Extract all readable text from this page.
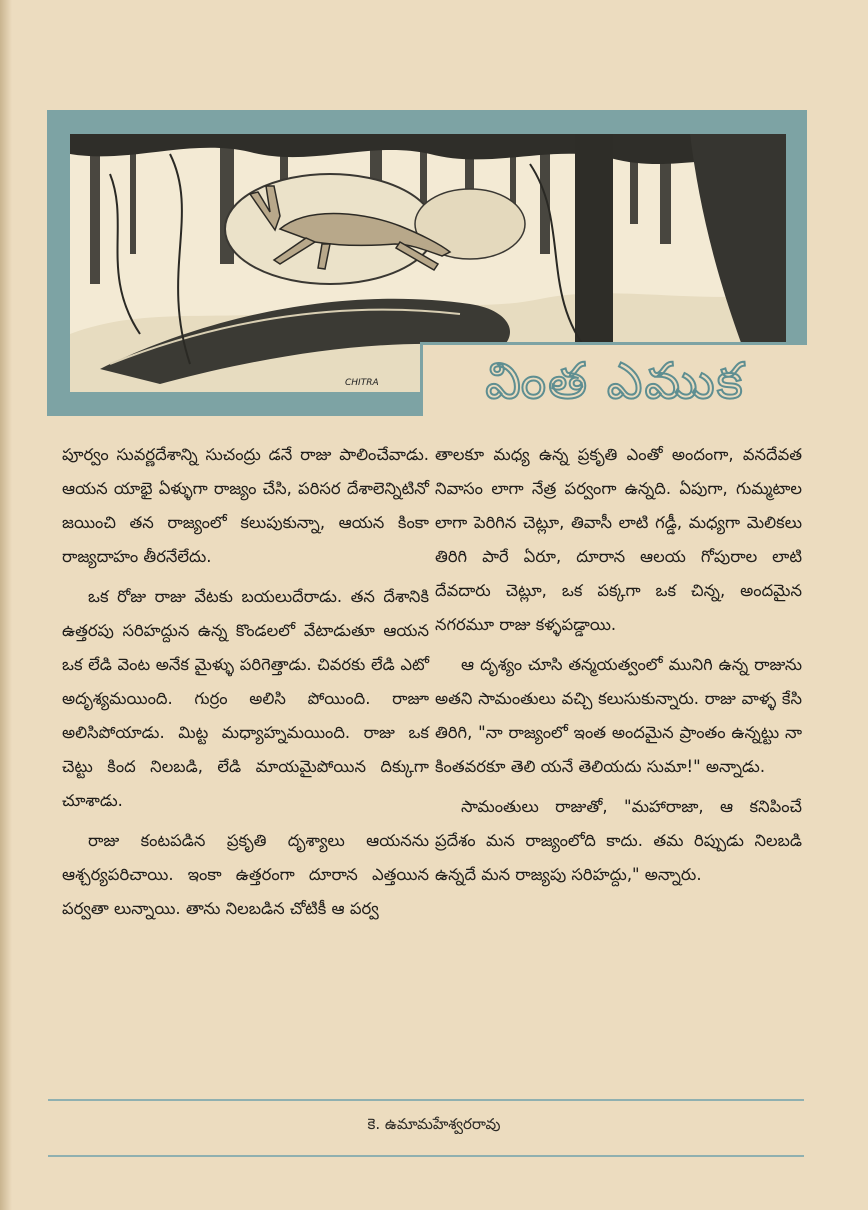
CHITRA	వింత ఎముక

పూర్వం సువర్ణదేశాన్ని సుచంద్రు డనే రాజు పాలించేవాడు. ఆయన యాభై ఏళ్ళుగా రాజ్యం చేసి, పరిసర దేశాలెన్నిటినో జయించి తన రాజ్యంలో కలుపుకున్నా, ఆయన కింకా రాజ్యదాహం తీరనేలేదు.

ఒక రోజు రాజు వేటకు బయలుదేరాడు. తన దేశానికి ఉత్తరపు సరిహద్దున ఉన్న కొండలలో వేటాడుతూ ఆయన ఒక లేడి వెంట అనేక మైళ్ళు పరిగెత్తాడు. చివరకు లేడి ఎటో అదృశ్యమయింది. గుర్రం అలిసి పోయింది. రాజూ అలిసిపోయాడు. మిట్ట మధ్యాహ్నమయింది. రాజు ఒక చెట్టు కింద నిలబడి, లేడి మాయమైపోయిన దిక్కుగా చూశాడు.

రాజు కంటపడిన ప్రకృతి దృశ్యాలు ఆయనను ఆశ్చర్యపరిచాయి. ఇంకా ఉత్తరంగా దూరాన ఎత్తయిన పర్వతా లున్నాయి. తాను నిలబడిన చోటికీ ఆ పర్వ

తాలకూ మధ్య ఉన్న ప్రకృతి ఎంతో అందంగా, వనదేవత నివాసం లాగా నేత్ర పర్వంగా ఉన్నది. ఏపుగా, గుమ్మటాల లాగా పెరిగిన చెట్లూ, తివాసీ లాటి గడ్డీ, మధ్యగా మెలికలు తిరిగి పారే ఏరూ, దూరాన ఆలయ గోపురాల లాటి దేవదారు చెట్లూ, ఒక పక్కగా ఒక చిన్న, అందమైన నగరమూ రాజు కళ్ళపడ్డాయి.

ఆ దృశ్యం చూసి తన్మయత్వంలో మునిగి ఉన్న రాజును అతని సామంతులు వచ్చి కలుసుకున్నారు. రాజు వాళ్ళ కేసి తిరిగి, "నా రాజ్యంలో ఇంత అందమైన ప్రాంతం ఉన్నట్టు నా కింతవరకూ తెలి యనే తెలియదు సుమా!" అన్నాడు.

సామంతులు రాజుతో, "మహారాజా, ఆ కనిపించే ప్రదేశం మన రాజ్యంలోది కాదు. తమ రిప్పుడు నిలబడి ఉన్నదే మన రాజ్యపు సరిహద్దు," అన్నారు.

కె. ఉమామహేశ్వరరావు
